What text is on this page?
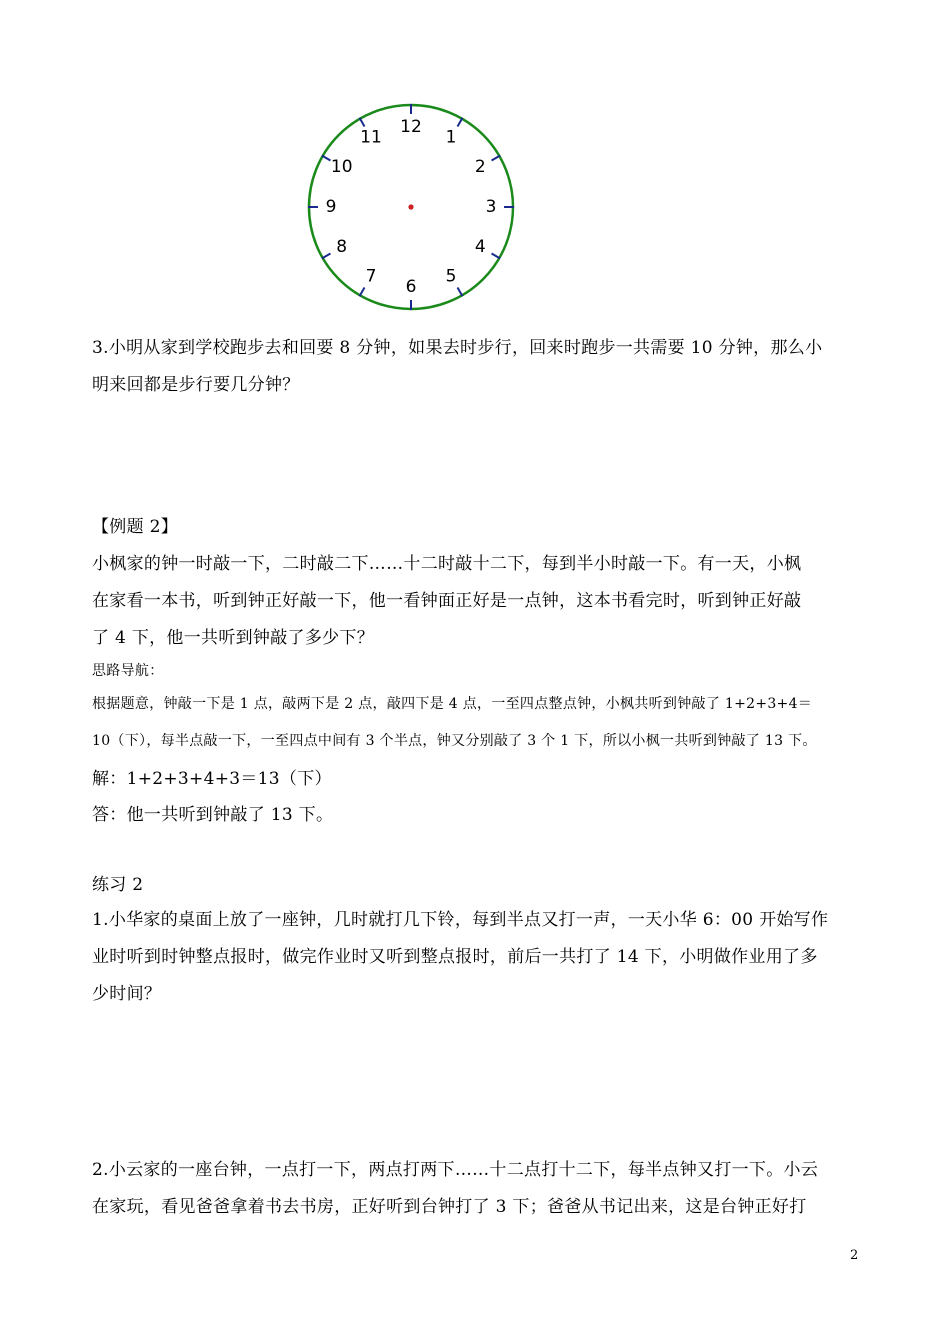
12
1
2
3
4
5
6
7
8
9
10
11
3.小明从家到学校跑步去和回要 8 分钟，如果去时步行，回来时跑步一共需要 10 分钟，那么小
明来回都是步行要几分钟？
【例题 2】
小枫家的钟一时敲一下，二时敲二下……十二时敲十二下，每到半小时敲一下。有一天，小枫
在家看一本书，听到钟正好敲一下，他一看钟面正好是一点钟，这本书看完时，听到钟正好敲
了 4 下，他一共听到钟敲了多少下？
思路导航：
根据题意，钟敲一下是 1 点，敲两下是 2 点，敲四下是 4 点，一至四点整点钟，小枫共听到钟敲了 1+2+3+4＝
10（下），每半点敲一下，一至四点中间有 3 个半点，钟又分别敲了 3 个 1 下，所以小枫一共听到钟敲了 13 下。
解：1+2+3+4+3＝13（下）
答：他一共听到钟敲了 13 下。
练习 2
1.小华家的桌面上放了一座钟，几时就打几下铃，每到半点又打一声，一天小华 6：00 开始写作
业时听到时钟整点报时，做完作业时又听到整点报时，前后一共打了 14 下，小明做作业用了多
少时间？
2.小云家的一座台钟，一点打一下，两点打两下……十二点打十二下，每半点钟又打一下。小云
在家玩，看见爸爸拿着书去书房，正好听到台钟打了 3 下；爸爸从书记出来，这是台钟正好打
2
